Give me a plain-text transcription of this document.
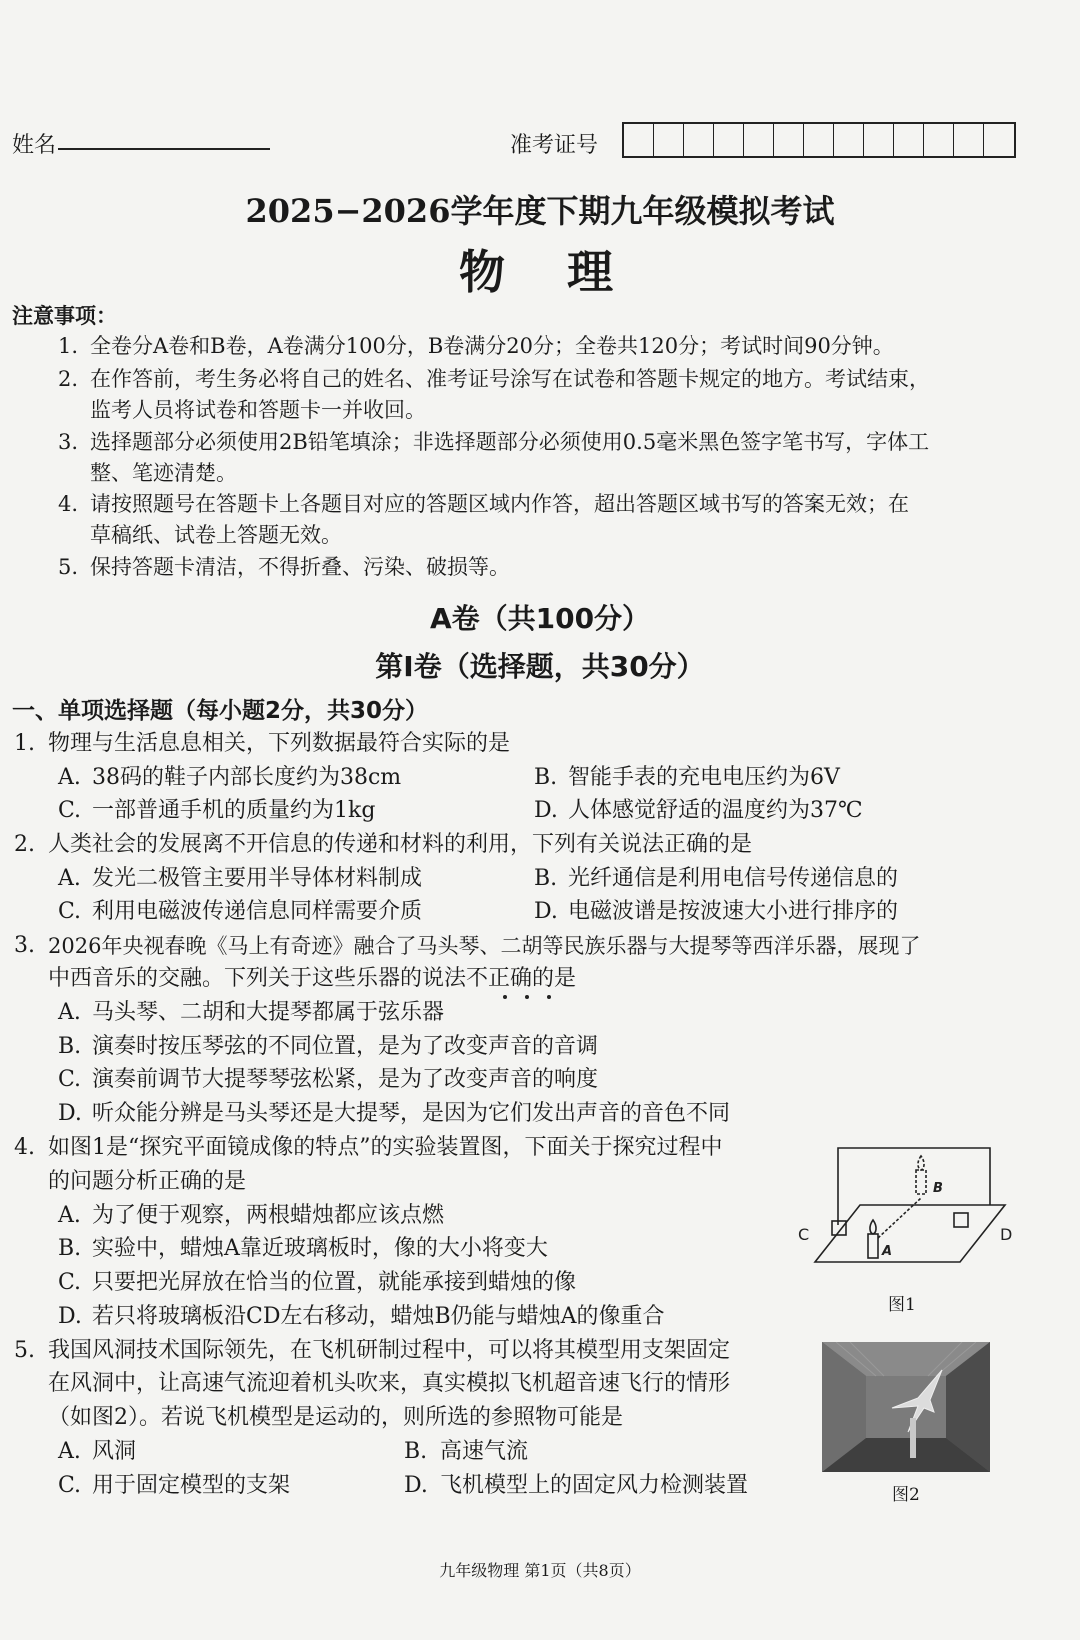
姓名	准考证号
2025−2026学年度下期九年级模拟考试
物　理
注意事项：
1. 全卷分A卷和B卷，A卷满分100分，B卷满分20分；全卷共120分；考试时间90分钟。
2. 在作答前，考生务必将自己的姓名、准考证号涂写在试卷和答题卡规定的地方。考试结束，
监考人员将试卷和答题卡一并收回。
3. 选择题部分必须使用2B铅笔填涂；非选择题部分必须使用0.5毫米黑色签字笔书写，字体工
整、笔迹清楚。
4. 请按照题号在答题卡上各题目对应的答题区域内作答，超出答题区域书写的答案无效；在
草稿纸、试卷上答题无效。
5. 保持答题卡清洁，不得折叠、污染、破损等。
A卷（共100分）
第Ⅰ卷（选择题，共30分）
一、单项选择题（每小题2分，共30分）
1. 物理与生活息息相关，下列数据最符合实际的是
A. 38码的鞋子内部长度约为38cm	B. 智能手表的充电电压约为6V
C. 一部普通手机的质量约为1kg	D. 人体感觉舒适的温度约为37℃
2. 人类社会的发展离不开信息的传递和材料的利用，下列有关说法正确的是
A. 发光二极管主要用半导体材料制成	B. 光纤通信是利用电信号传递信息的
C. 利用电磁波传递信息同样需要介质	D. 电磁波谱是按波速大小进行排序的
3. 2026年央视春晚《马上有奇迹》融合了马头琴、二胡等民族乐器与大提琴等西洋乐器，展现了
中西音乐的交融。下列关于这些乐器的说法不正确的是
A. 马头琴、二胡和大提琴都属于弦乐器
B. 演奏时按压琴弦的不同位置，是为了改变声音的音调
C. 演奏前调节大提琴琴弦松紧，是为了改变声音的响度
D. 听众能分辨是马头琴还是大提琴，是因为它们发出声音的音色不同
4. 如图1是“探究平面镜成像的特点”的实验装置图，下面关于探究过程中
的问题分析正确的是
A. 为了便于观察，两根蜡烛都应该点燃
B. 实验中，蜡烛A靠近玻璃板时，像的大小将变大
C. 只要把光屏放在恰当的位置，就能承接到蜡烛的像
D. 若只将玻璃板沿CD左右移动，蜡烛B仍能与蜡烛A的像重合
B
A
C	D
图1
5. 我国风洞技术国际领先，在飞机研制过程中，可以将其模型用支架固定
在风洞中，让高速气流迎着机头吹来，真实模拟飞机超音速飞行的情形
（如图2）。若说飞机模型是运动的，则所选的参照物可能是
A. 风洞	B. 高速气流
C. 用于固定模型的支架	D. 飞机模型上的固定风力检测装置	图2
九年级物理 第1页（共8页）
